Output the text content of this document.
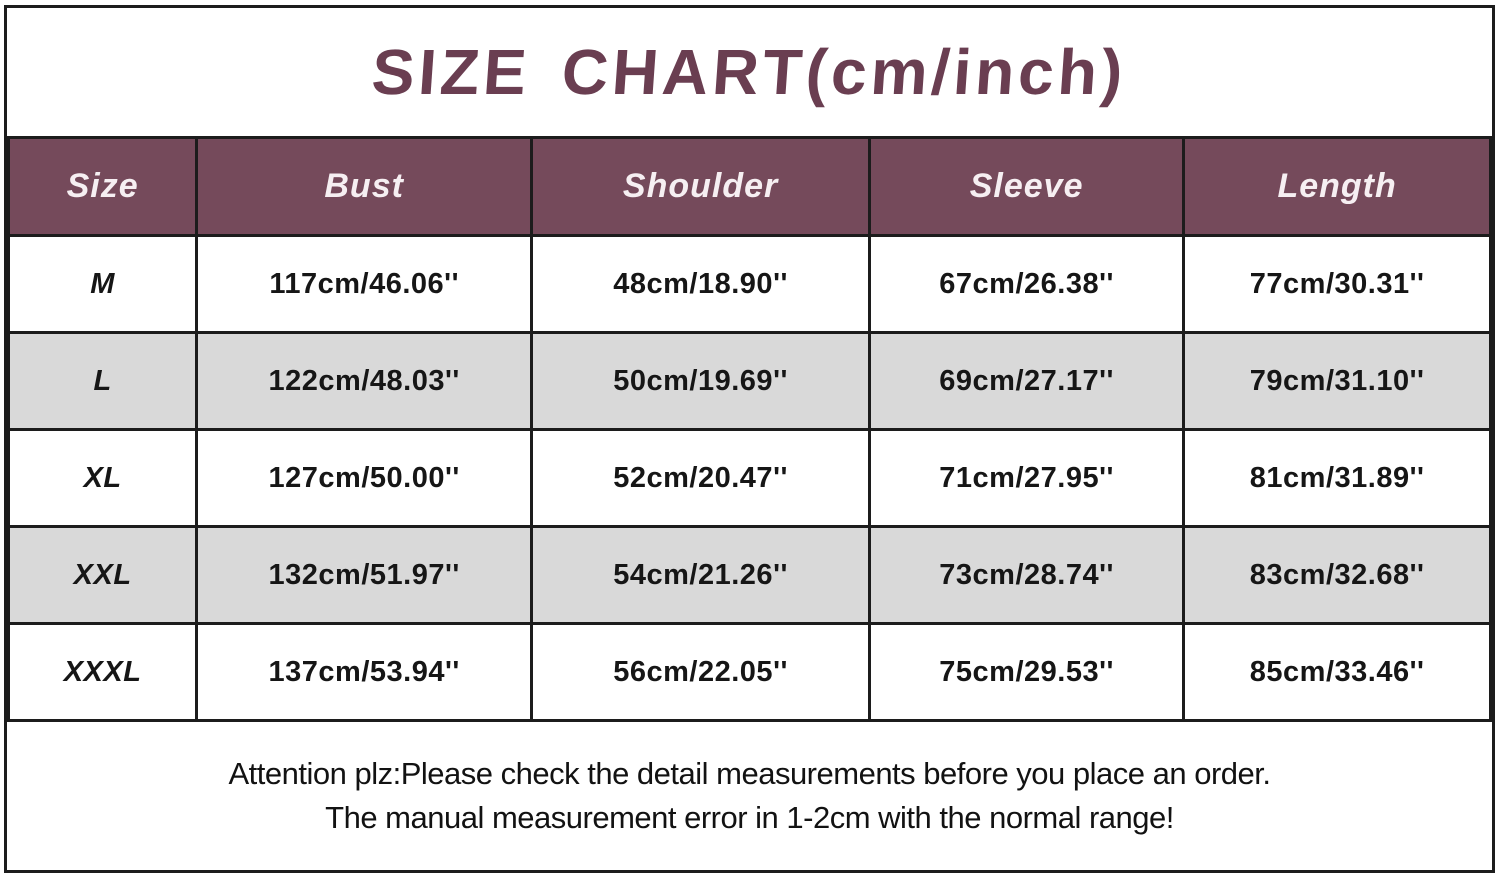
SIZE CHART(cm/inch)
Size	Bust	Shoulder	Sleeve	Length
M	117cm/46.06''	48cm/18.90''	67cm/26.38''	77cm/30.31''
L	122cm/48.03''	50cm/19.69''	69cm/27.17''	79cm/31.10''
XL	127cm/50.00''	52cm/20.47''	71cm/27.95''	81cm/31.89''
XXL	132cm/51.97''	54cm/21.26''	73cm/28.74''	83cm/32.68''
XXXL	137cm/53.94''	56cm/22.05''	75cm/29.53''	85cm/33.46''
Attention plz:Please check the detail measurements before you place an order.
The manual measurement error in 1-2cm with the normal range!
